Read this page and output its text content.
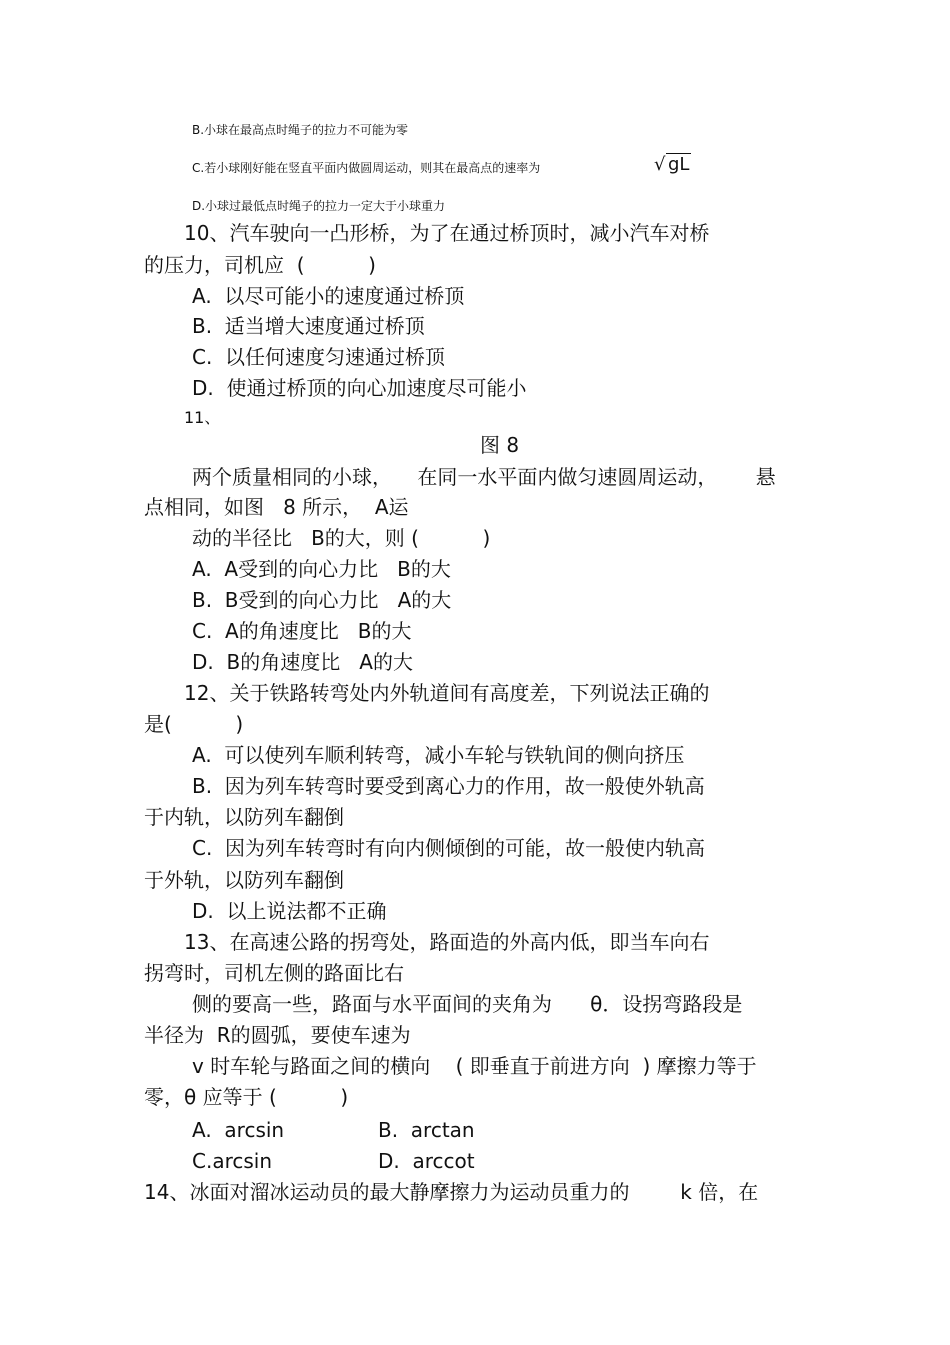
B.小球在最高点时绳子的拉力不可能为零
C.若小球刚好能在竖直平面内做圆周运动，则其在最高点的速率为	√ gL
D.小球过最低点时绳子的拉力一定大于小球重力
10、汽车驶向一凸形桥，为了在通过桥顶时，减小汽车对桥
的压力，司机应  (          )
A.  以尽可能小的速度通过桥顶
B.  适当增大速度通过桥顶
C.  以任何速度匀速通过桥顶
D.  使通过桥顶的向心加速度尽可能小
11、
图 8
两个质量相同的小球，    在同一水平面内做匀速圆周运动，      悬
点相同，如图   8 所示，  A运
动的半径比   B的大，则 (          )
A.  A受到的向心力比   B的大
B.  B受到的向心力比   A的大
C.  A的角速度比   B的大
D.  B的角速度比   A的大
12、关于铁路转弯处内外轨道间有高度差，下列说法正确的
是(          )
A.  可以使列车顺利转弯，减小车轮与铁轨间的侧向挤压
B.  因为列车转弯时要受到离心力的作用，故一般使外轨高
于内轨，以防列车翻倒
C.  因为列车转弯时有向内侧倾倒的可能，故一般使内轨高
于外轨，以防列车翻倒
D.  以上说法都不正确
13、在高速公路的拐弯处，路面造的外高内低，即当车向右
拐弯时，司机左侧的路面比右
侧的要高一些，路面与水平面间的夹角为      θ．设拐弯路段是
半径为  R的圆弧，要使车速为
v 时车轮与路面之间的横向    ( 即垂直于前进方向  ) 摩擦力等于
零，θ 应等于 (          )
A.  arcsin	B.  arctan
C.arcsin	D.  arccot
14、冰面对溜冰运动员的最大静摩擦力为运动员重力的        k 倍，在
